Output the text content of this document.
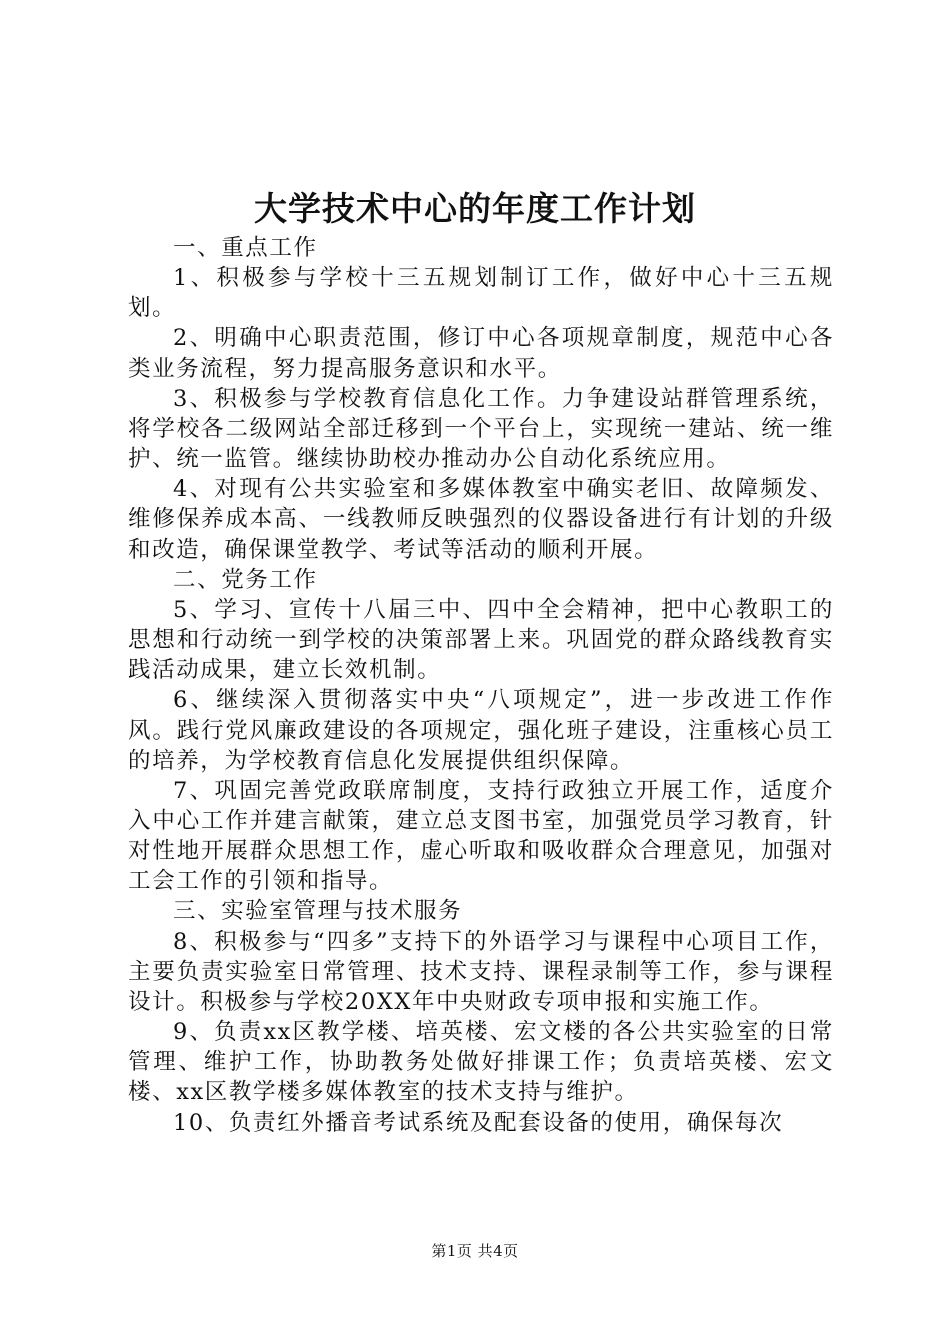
大学技术中心的年度工作计划

一、重点工作

1、积极参与学校十三五规划制订工作，做好中心十三五规划。

2、明确中心职责范围，修订中心各项规章制度，规范中心各类业务流程，努力提高服务意识和水平。

3、积极参与学校教育信息化工作。力争建设站群管理系统，将学校各二级网站全部迁移到一个平台上，实现统一建站、统一维护、统一监管。继续协助校办推动办公自动化系统应用。

4、对现有公共实验室和多媒体教室中确实老旧、故障频发、维修保养成本高、一线教师反映强烈的仪器设备进行有计划的升级和改造，确保课堂教学、考试等活动的顺利开展。

二、党务工作

5、学习、宣传十八届三中、四中全会精神，把中心教职工的思想和行动统一到学校的决策部署上来。巩固党的群众路线教育实践活动成果，建立长效机制。

6、继续深入贯彻落实中央“八项规定”，进一步改进工作作风。践行党风廉政建设的各项规定，强化班子建设，注重核心员工的培养，为学校教育信息化发展提供组织保障。

7、巩固完善党政联席制度，支持行政独立开展工作，适度介入中心工作并建言献策，建立总支图书室，加强党员学习教育，针对性地开展群众思想工作，虚心听取和吸收群众合理意见，加强对工会工作的引领和指导。

三、实验室管理与技术服务

8、积极参与“四多”支持下的外语学习与课程中心项目工作，主要负责实验室日常管理、技术支持、课程录制等工作，参与课程设计。积极参与学校20XX年中央财政专项申报和实施工作。

9、负责xx区教学楼、培英楼、宏文楼的各公共实验室的日常管理、维护工作，协助教务处做好排课工作；负责培英楼、宏文楼、xx区教学楼多媒体教室的技术支持与维护。

10、负责红外播音考试系统及配套设备的使用，确保每次

第1页 共4页
